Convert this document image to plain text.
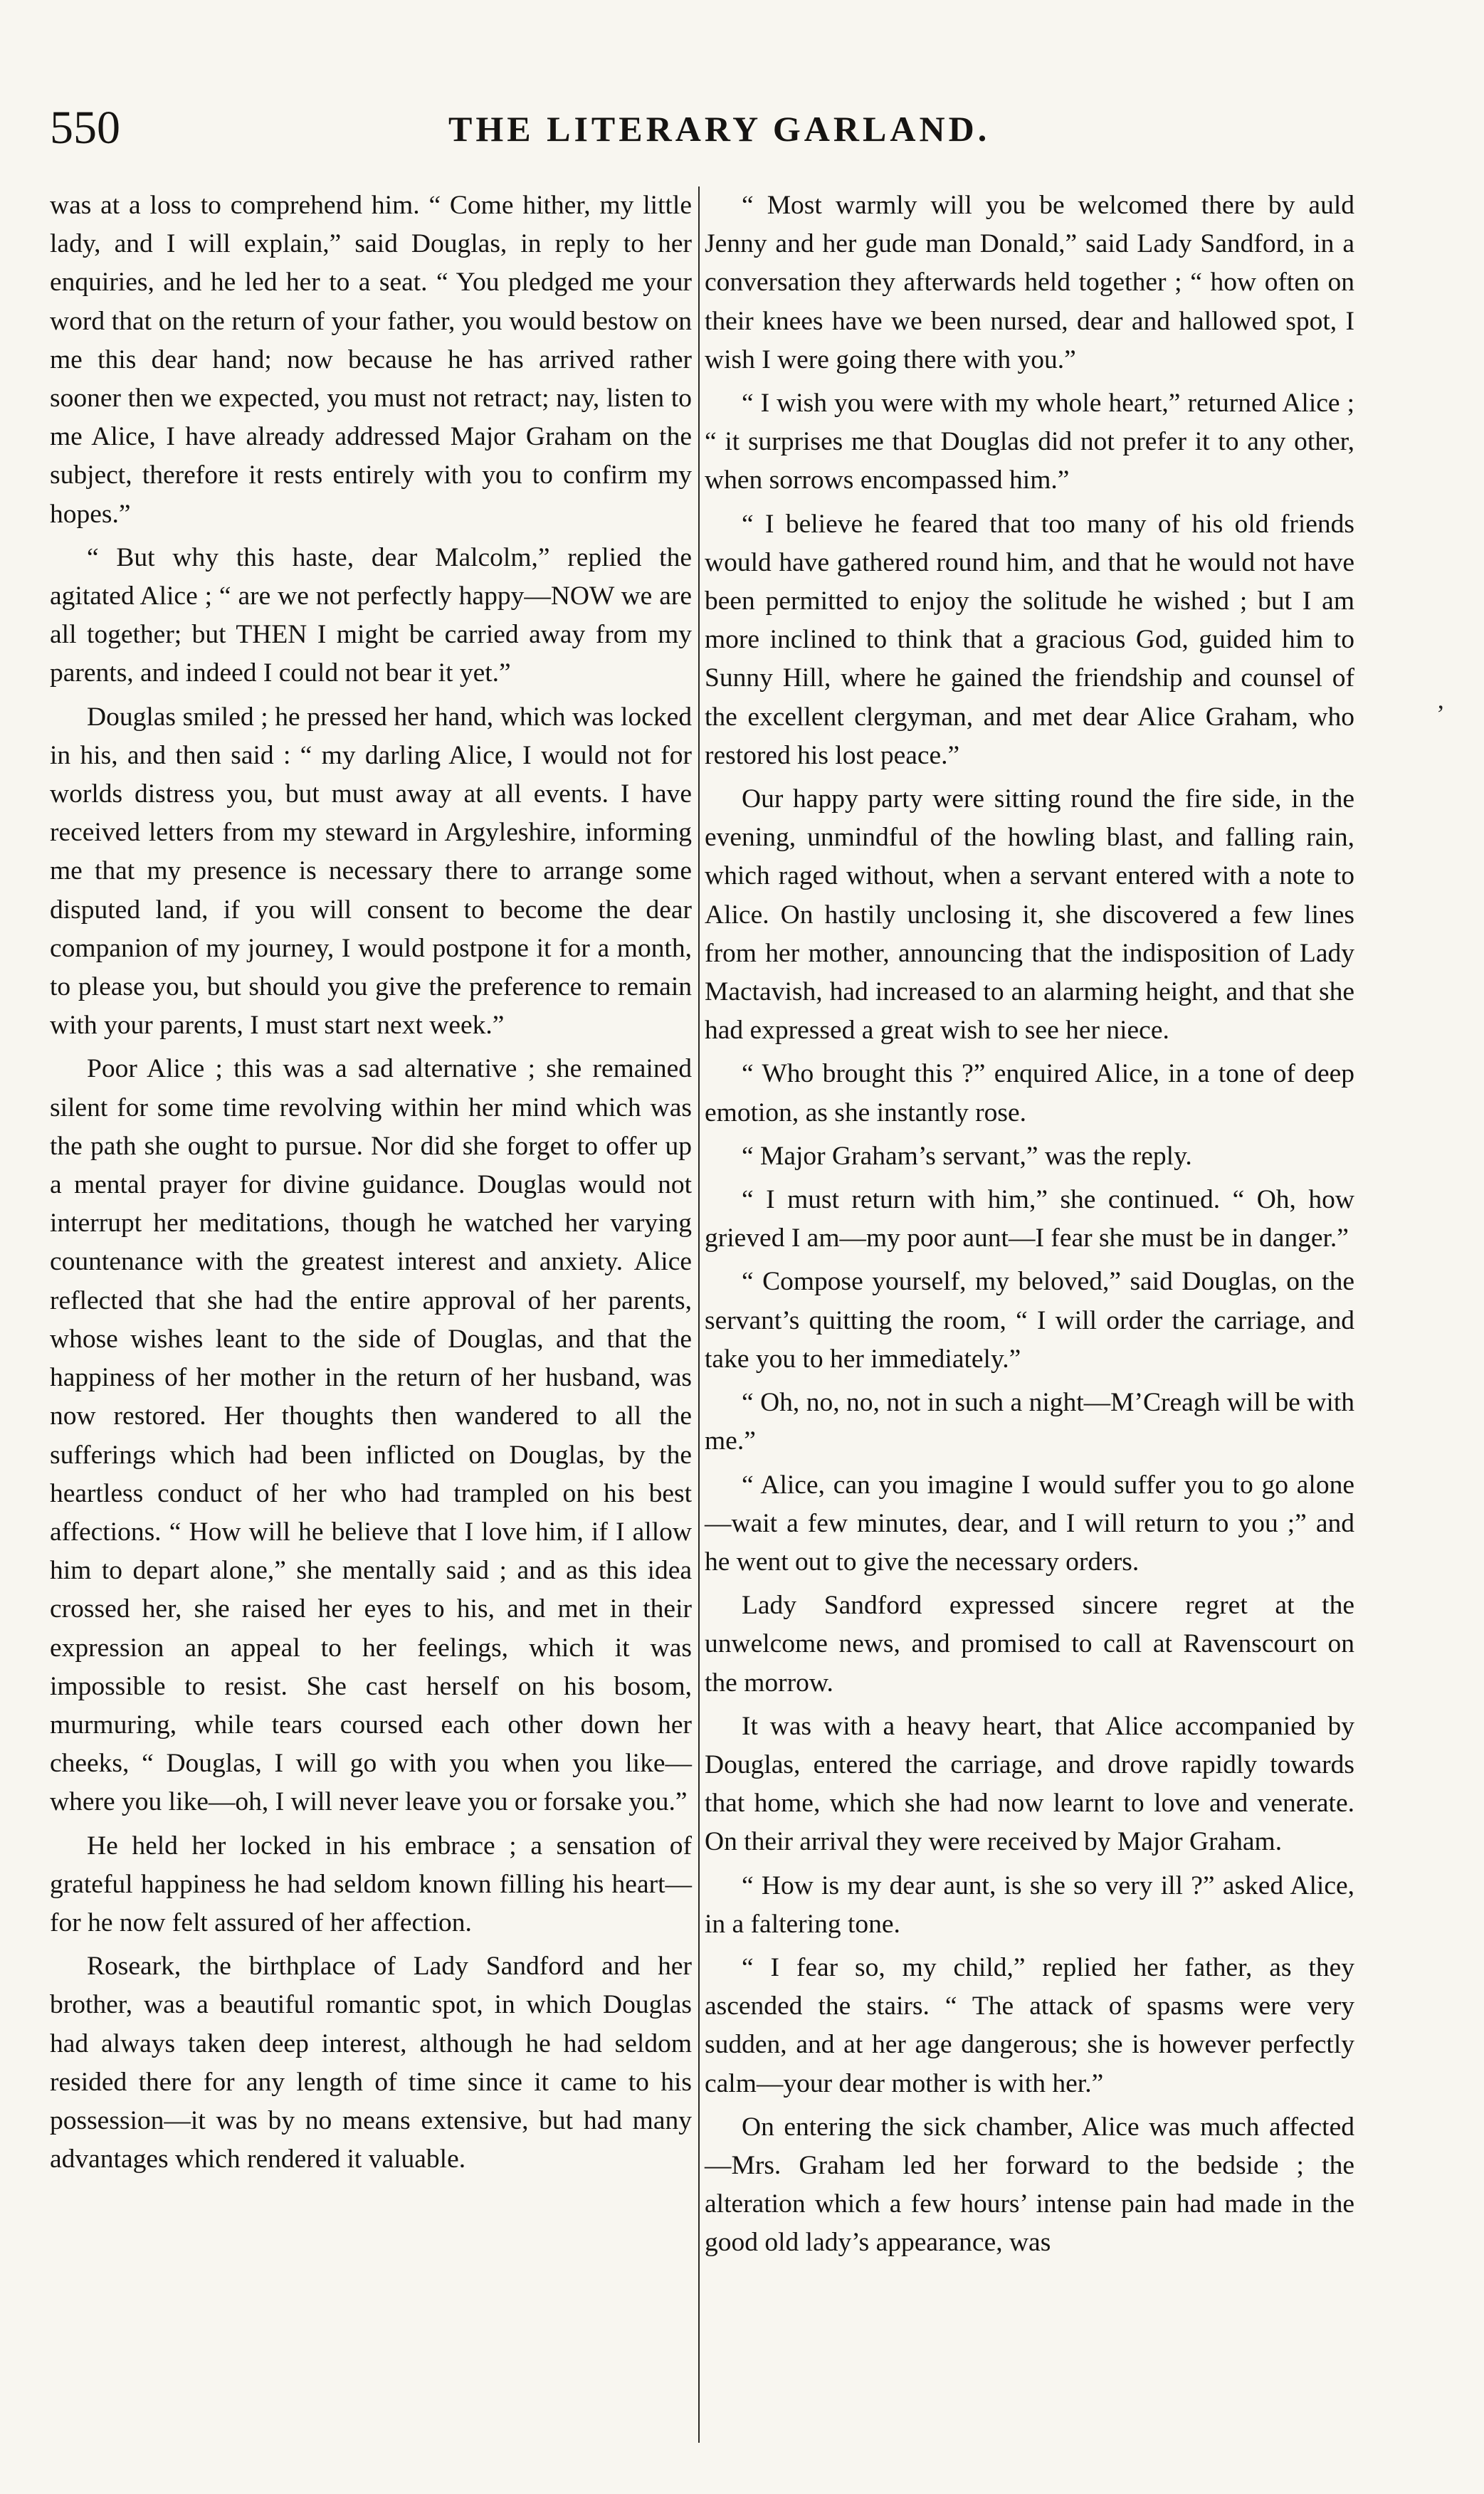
550	THE LITERARY GARLAND.

was at a loss to comprehend him. “ Come hither, my little lady, and I will explain,” said Douglas, in reply to her enquiries, and he led her to a seat. “ You pledged me your word that on the return of your father, you would bestow on me this dear hand; now because he has arrived rather sooner then we expected, you must not retract; nay, listen to me Alice, I have already addressed Major Graham on the subject, therefore it rests entirely with you to confirm my hopes.”

“ But why this haste, dear Malcolm,” replied the agitated Alice ; “ are we not perfectly happy—NOW we are all together; but THEN I might be carried away from my parents, and indeed I could not bear it yet.”

Douglas smiled ; he pressed her hand, which was locked in his, and then said : “ my darling Alice, I would not for worlds distress you, but must away at all events. I have received letters from my steward in Argyleshire, informing me that my presence is necessary there to arrange some disputed land, if you will consent to become the dear companion of my journey, I would postpone it for a month, to please you, but should you give the preference to remain with your parents, I must start next week.”

Poor Alice ; this was a sad alternative ; she remained silent for some time revolving within her mind which was the path she ought to pursue. Nor did she forget to offer up a mental prayer for divine guidance. Douglas would not interrupt her meditations, though he watched her varying countenance with the greatest interest and anxiety. Alice reflected that she had the entire approval of her parents, whose wishes leant to the side of Douglas, and that the happiness of her mother in the return of her husband, was now restored. Her thoughts then wandered to all the sufferings which had been inflicted on Douglas, by the heartless conduct of her who had trampled on his best affections. “ How will he believe that I love him, if I allow him to depart alone,” she mentally said ; and as this idea crossed her, she raised her eyes to his, and met in their expression an appeal to her feelings, which it was impossible to resist. She cast herself on his bosom, murmuring, while tears coursed each other down her cheeks, “ Douglas, I will go with you when you like—where you like—oh, I will never leave you or forsake you.”

He held her locked in his embrace ; a sensation of grateful happiness he had seldom known filling his heart—for he now felt assured of her affection.

Roseark, the birthplace of Lady Sandford and her brother, was a beautiful romantic spot, in which Douglas had always taken deep interest, although he had seldom resided there for any length of time since it came to his possession—it was by no means extensive, but had many advantages which rendered it valuable.

“ Most warmly will you be welcomed there by auld Jenny and her gude man Donald,” said Lady Sandford, in a conversation they afterwards held together ; “ how often on their knees have we been nursed, dear and hallowed spot, I wish I were going there with you.”

“ I wish you were with my whole heart,” returned Alice ; “ it surprises me that Douglas did not prefer it to any other, when sorrows encompassed him.”

“ I believe he feared that too many of his old friends would have gathered round him, and that he would not have been permitted to enjoy the solitude he wished ; but I am more inclined to think that a gracious God, guided him to Sunny Hill, where he gained the friendship and counsel of the excellent clergyman, and met dear Alice Graham, who restored his lost peace.”

Our happy party were sitting round the fire side, in the evening, unmindful of the howling blast, and falling rain, which raged without, when a servant entered with a note to Alice. On hastily unclosing it, she discovered a few lines from her mother, announcing that the indisposition of Lady Mactavish, had increased to an alarming height, and that she had expressed a great wish to see her niece.

“ Who brought this ?” enquired Alice, in a tone of deep emotion, as she instantly rose.

“ Major Graham’s servant,” was the reply.

“ I must return with him,” she continued. “ Oh, how grieved I am—my poor aunt—I fear she must be in danger.”

“ Compose yourself, my beloved,” said Douglas, on the servant’s quitting the room, “ I will order the carriage, and take you to her immediately.”

“ Oh, no, no, not in such a night—M’Creagh will be with me.”

“ Alice, can you imagine I would suffer you to go alone—wait a few minutes, dear, and I will return to you ;” and he went out to give the necessary orders.

Lady Sandford expressed sincere regret at the unwelcome news, and promised to call at Ravenscourt on the morrow.

It was with a heavy heart, that Alice accompanied by Douglas, entered the carriage, and drove rapidly towards that home, which she had now learnt to love and venerate. On their arrival they were received by Major Graham.

“ How is my dear aunt, is she so very ill ?” asked Alice, in a faltering tone.

“ I fear so, my child,” replied her father, as they ascended the stairs. “ The attack of spasms were very sudden, and at her age dangerous; she is however perfectly calm—your dear mother is with her.”

On entering the sick chamber, Alice was much affected—Mrs. Graham led her forward to the bedside ; the alteration which a few hours’ intense pain had made in the good old lady’s appearance, was

’
